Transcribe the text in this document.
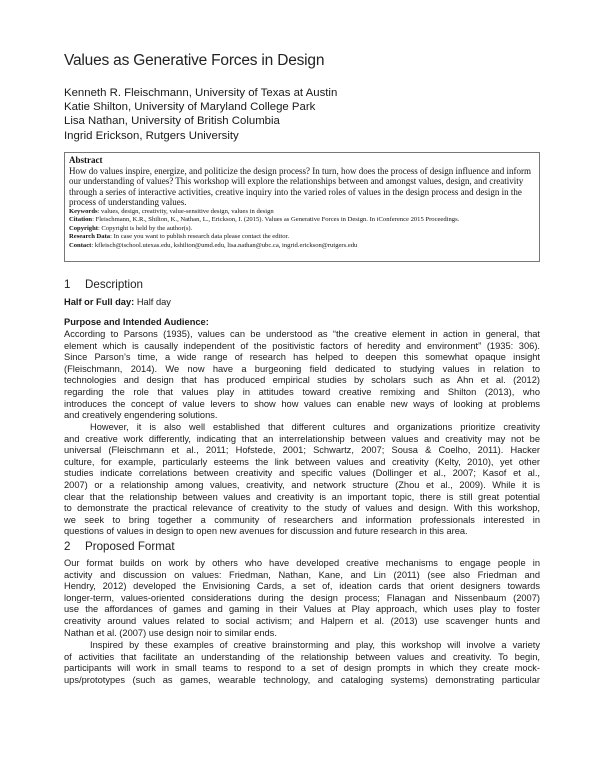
Values as Generative Forces in Design
Kenneth R. Fleischmann, University of Texas at Austin
Katie Shilton, University of Maryland College Park
Lisa Nathan, University of British Columbia
Ingrid Erickson, Rutgers University
Abstract
How do values inspire, energize, and politicize the design process? In turn, how does the process of design influence and inform our understanding of values? This workshop will explore the relationships between and amongst values, design, and creativity through a series of interactive activities, creative inquiry into the varied roles of values in the design process and design in the process of understanding values.
Keywords: values, design, creativity, value-sensitive design, values in design
Citation: Fleischmann, K.R., Shilton, K., Nathan, L., Erickson, I. (2015). Values as Generative Forces in Design. In iConference 2015 Proceedings.
Copyright: Copyright is held by the author(s).
Research Data: In case you want to publish research data please contact the editor.
Contact: kfleisch@ischool.utexas.edu, kshilton@umd.edu, lisa.nathan@ubc.ca, ingrid.erickson@rutgers.edu
1 Description
Half or Full day: Half day
Purpose and Intended Audience:
According to Parsons (1935), values can be understood as “the creative element in action in general, that
element which is causally independent of the positivistic factors of heredity and environment” (1935: 306).
Since Parson’s time, a wide range of research has helped to deepen this somewhat opaque insight
(Fleischmann, 2014). We now have a burgeoning field dedicated to studying values in relation to
technologies and design that has produced empirical studies by scholars such as Ahn et al. (2012)
regarding the role that values play in attitudes toward creative remixing and Shilton (2013), who
introduces the concept of value levers to show how values can enable new ways of looking at problems
and creatively engendering solutions.
However, it is also well established that different cultures and organizations prioritize creativity
and creative work differently, indicating that an interrelationship between values and creativity may not be
universal (Fleischmann et al., 2011; Hofstede, 2001; Schwartz, 2007; Sousa & Coelho, 2011). Hacker
culture, for example, particularly esteems the link between values and creativity (Kelty, 2010), yet other
studies indicate correlations between creativity and specific values (Dollinger et al., 2007; Kasof et al.,
2007) or a relationship among values, creativity, and network structure (Zhou et al., 2009). While it is
clear that the relationship between values and creativity is an important topic, there is still great potential
to demonstrate the practical relevance of creativity to the study of values and design. With this workshop,
we seek to bring together a community of researchers and information professionals interested in
questions of values in design to open new avenues for discussion and future research in this area.
2 Proposed Format
Our format builds on work by others who have developed creative mechanisms to engage people in
activity and discussion on values: Friedman, Nathan, Kane, and Lin (2011) (see also Friedman and
Hendry, 2012) developed the Envisioning Cards, a set of, ideation cards that orient designers towards
longer-term, values-oriented considerations during the design process; Flanagan and Nissenbaum (2007)
use the affordances of games and gaming in their Values at Play approach, which uses play to foster
creativity around values related to social activism; and Halpern et al. (2013) use scavenger hunts and
Nathan et al. (2007) use design noir to similar ends.
Inspired by these examples of creative brainstorming and play, this workshop will involve a variety
of activities that facilitate an understanding of the relationship between values and creativity. To begin,
participants will work in small teams to respond to a set of design prompts in which they create mock-
ups/prototypes (such as games, wearable technology, and cataloging systems) demonstrating particular
